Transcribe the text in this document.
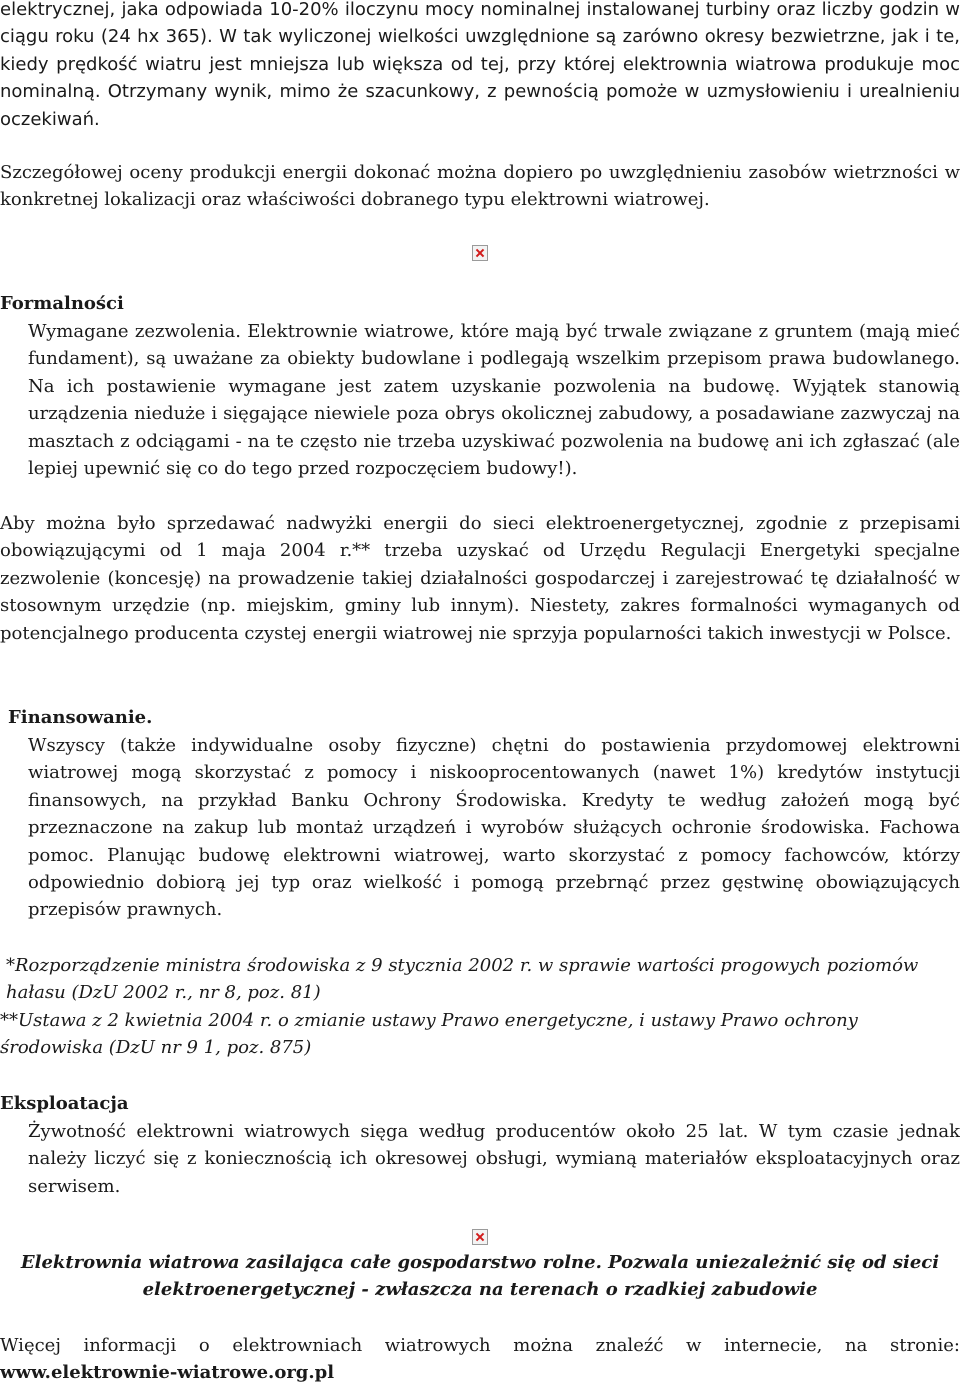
elektrycznej, jaka odpowiada 10-20% iloczynu mocy nominalnej instalowanej turbiny oraz liczby godzin w ciągu roku (24 hx 365). W tak wyliczonej wielkości uwzględnione są zarówno okresy bezwietrzne, jak i te, kiedy prędkość wiatru jest mniejsza lub większa od tej, przy której elektrownia wiatrowa produkuje moc nominalną. Otrzymany wynik, mimo że szacunkowy, z pewnością pomoże w uzmysłowieniu i urealnieniu oczekiwań.

Szczegółowej oceny produkcji energii dokonać można dopiero po uwzględnieniu zasobów wietrzności w konkretnej lokalizacji oraz właściwości dobranego typu elektrowni wiatrowej.

Formalności

Wymagane zezwolenia. Elektrownie wiatrowe, które mają być trwale związane z gruntem (mają mieć fundament), są uważane za obiekty budowlane i podlegają wszelkim przepisom prawa budowlanego. Na ich postawienie wymagane jest zatem uzyskanie pozwolenia na budowę. Wyjątek stanowią urządzenia nieduże i sięgające niewiele poza obrys okolicznej zabudowy, a posadawiane zazwyczaj na masztach z odciągami - na te często nie trzeba uzyskiwać pozwolenia na budowę ani ich zgłaszać (ale lepiej upewnić się co do tego przed rozpoczęciem budowy!).

Aby można było sprzedawać nadwyżki energii do sieci elektroenergetycznej, zgodnie z przepisami obowiązującymi od 1 maja 2004 r.** trzeba uzyskać od Urzędu Regulacji Energetyki specjalne zezwolenie (koncesję) na prowadzenie takiej działalności gospodarczej i zarejestrować tę działalność w stosownym urzędzie (np. miejskim, gminy lub innym). Niestety, zakres formalności wymaganych od potencjalnego producenta czystej energii wiatrowej nie sprzyja popularności takich inwestycji w Polsce.

Finansowanie.

Wszyscy (także indywidualne osoby fizyczne) chętni do postawienia przydomowej elektrowni wiatrowej mogą skorzystać z pomocy i niskooprocentowanych (nawet 1%) kredytów instytucji finansowych, na przykład Banku Ochrony Środowiska. Kredyty te według założeń mogą być przeznaczone na zakup lub montaż urządzeń i wyrobów służących ochronie środowiska. Fachowa pomoc. Planując budowę elektrowni wiatrowej, warto skorzystać z pomocy fachowców, którzy odpowiednio dobiorą jej typ oraz wielkość i pomogą przebrnąć przez gęstwinę obowiązujących przepisów prawnych.

*Rozporządzenie ministra środowiska z 9 stycznia 2002 r. w sprawie wartości progowych poziomów hałasu (DzU 2002 r., nr 8, poz. 81)

**Ustawa z 2 kwietnia 2004 r. o zmianie ustawy Prawo energetyczne, i ustawy Prawo ochrony środowiska (DzU nr 9 1, poz. 875)

Eksploatacja

Żywotność elektrowni wiatrowych sięga według producentów około 25 lat. W tym czasie jednak należy liczyć się z koniecznością ich okresowej obsługi, wymianą materiałów eksploatacyjnych oraz serwisem.

Elektrownia wiatrowa zasilająca całe gospodarstwo rolne. Pozwala uniezależnić się od sieci elektroenergetycznej - zwłaszcza na terenach o rzadkiej zabudowie

Więcej informacji o elektrowniach wiatrowych można znaleźć w internecie, na stronie: www.elektrownie-wiatrowe.org.pl
